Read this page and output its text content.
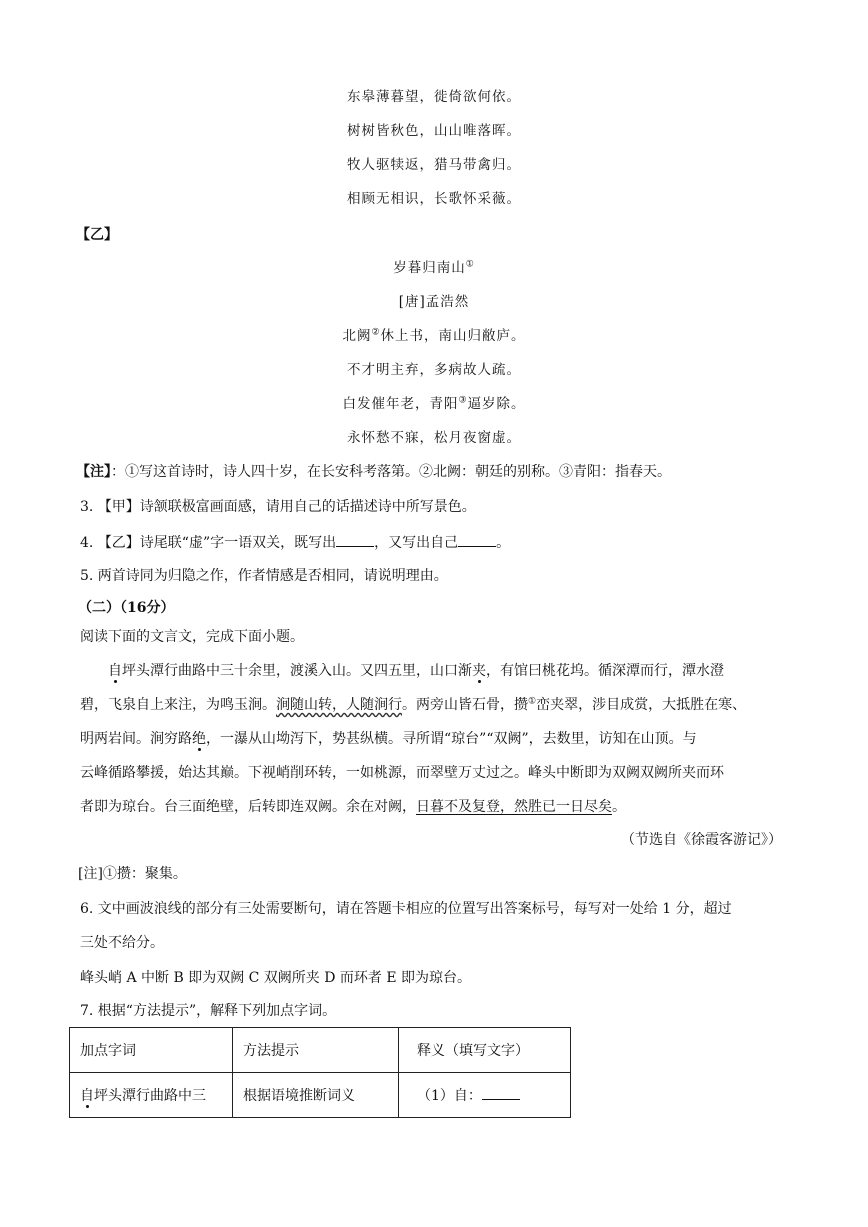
东皋薄暮望，徙倚欲何依。
树树皆秋色，山山唯落晖。
牧人驱犊返，猎马带禽归。
相顾无相识，长歌怀采薇。
【乙】
岁暮归南山①
[唐]孟浩然
北阙②休上书，南山归敝庐。
不才明主弃，多病故人疏。
白发催年老，青阳③逼岁除。
永怀愁不寐，松月夜窗虚。
【注】：①写这首诗时，诗人四十岁，在长安科考落第。②北阙：朝廷的别称。③青阳：指春天。
3. 【甲】诗颔联极富画面感，请用自己的话描述诗中所写景色。
4. 【乙】诗尾联“虚”字一语双关，既写出	，又写出自己	。
5. 两首诗同为归隐之作，作者情感是否相同，请说明理由。
（二）（16分）
阅读下面的文言文，完成下面小题。
自坪头潭行曲路中三十余里，渡溪入山。又四五里，山口渐夹，有馆曰桃花坞。循深潭而行，潭水澄
碧，飞泉自上来注，为鸣玉涧。涧随山转，人随涧行。两旁山皆石骨，攒①峦夹翠，涉目成赏，大抵胜在寒、
明两岩间。涧穷路绝，一瀑从山坳泻下，势甚纵横。寻所谓“琼台”“双阙”，去数里，访知在山顶。与
云峰循路攀援，始达其巅。下视峭削环转，一如桃源，而翠壁万丈过之。峰头中断即为双阙双阙所夹而环
者即为琼台。台三面绝壁，后转即连双阙。余在对阙，日暮不及复登，然胜已一日尽矣。
（节选自《徐霞客游记》）
[注]①攒：聚集。
6. 文中画波浪线的部分有三处需要断句，请在答题卡相应的位置写出答案标号，每写对一处给 1 分，超过
三处不给分。
峰头峭 A 中断 B 即为双阙 C 双阙所夹 D 而环者 E 即为琼台。
7. 根据“方法提示”，解释下列加点字词。
加点字词	方法提示	释义（填写文字）
自坪头潭行曲路中三	根据语境推断词义	（1）自：
